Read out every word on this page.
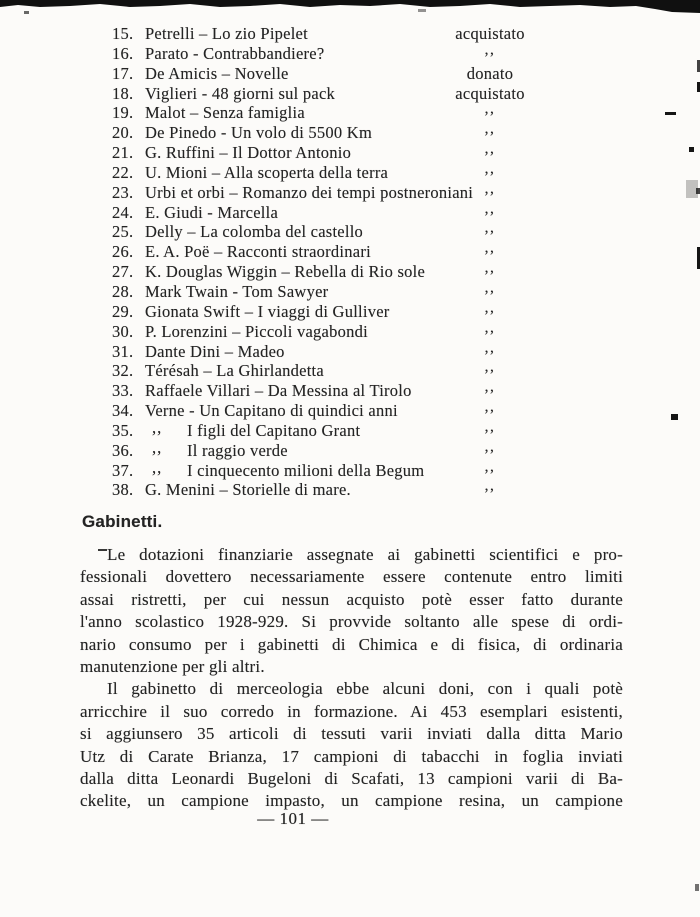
15. Petrelli – Lo zio Pipelet	acquistato
16. Parato - Contrabbandiere?	,,
17. De Amicis – Novelle	donato
18. Viglieri - 48 giorni sul pack	acquistato
19. Malot – Senza famiglia	,,
20. De Pinedo - Un volo di 5500 Km	,,
21. G. Ruffini – Il Dottor Antonio	,,
22. U. Mioni – Alla scoperta della terra	,,
23. Urbi et orbi – Romanzo dei tempi postneroniani ,,
24. E. Giudi - Marcella	,,
25. Delly – La colomba del castello	,,
26. E. A. Poë – Racconti straordinari	,,
27. K. Douglas Wiggin – Rebella di Rio sole	,,
28. Mark Twain - Tom Sawyer	,,
29. Gionata Swift – I viaggi di Gulliver	,,
30. P. Lorenzini – Piccoli vagabondi	,,
31. Dante Dini – Madeo	,,
32. Térésah – La Ghirlandetta	,,
33. Raffaele Villari – Da Messina al Tirolo	,,
34. Verne - Un Capitano di quindici anni	,,
35. ,, I figli del Capitano Grant	,,
36. ,, Il raggio verde	,,
37. ,, I cinquecento milioni della Begum	,,
38. G. Menini – Storielle di mare.	,,
Gabinetti.
Le dotazioni finanziarie assegnate ai gabinetti scientifici e pro-
fessionali dovettero necessariamente essere contenute entro limiti
assai ristretti, per cui nessun acquisto potè esser fatto durante
l'anno scolastico 1928-929. Si provvide soltanto alle spese di ordi-
nario consumo per i gabinetti di Chimica e di fisica, di ordinaria
manutenzione per gli altri.
Il gabinetto di merceologia ebbe alcuni doni, con i quali potè
arricchire il suo corredo in formazione. Ai 453 esemplari esistenti,
si aggiunsero 35 articoli di tessuti varii inviati dalla ditta Mario
Utz di Carate Brianza, 17 campioni di tabacchi in foglia inviati
dalla ditta Leonardi Bugeloni di Scafati, 13 campioni varii di Ba-
ckelite, un campione impasto, un campione resina, un campione
— 101 —
